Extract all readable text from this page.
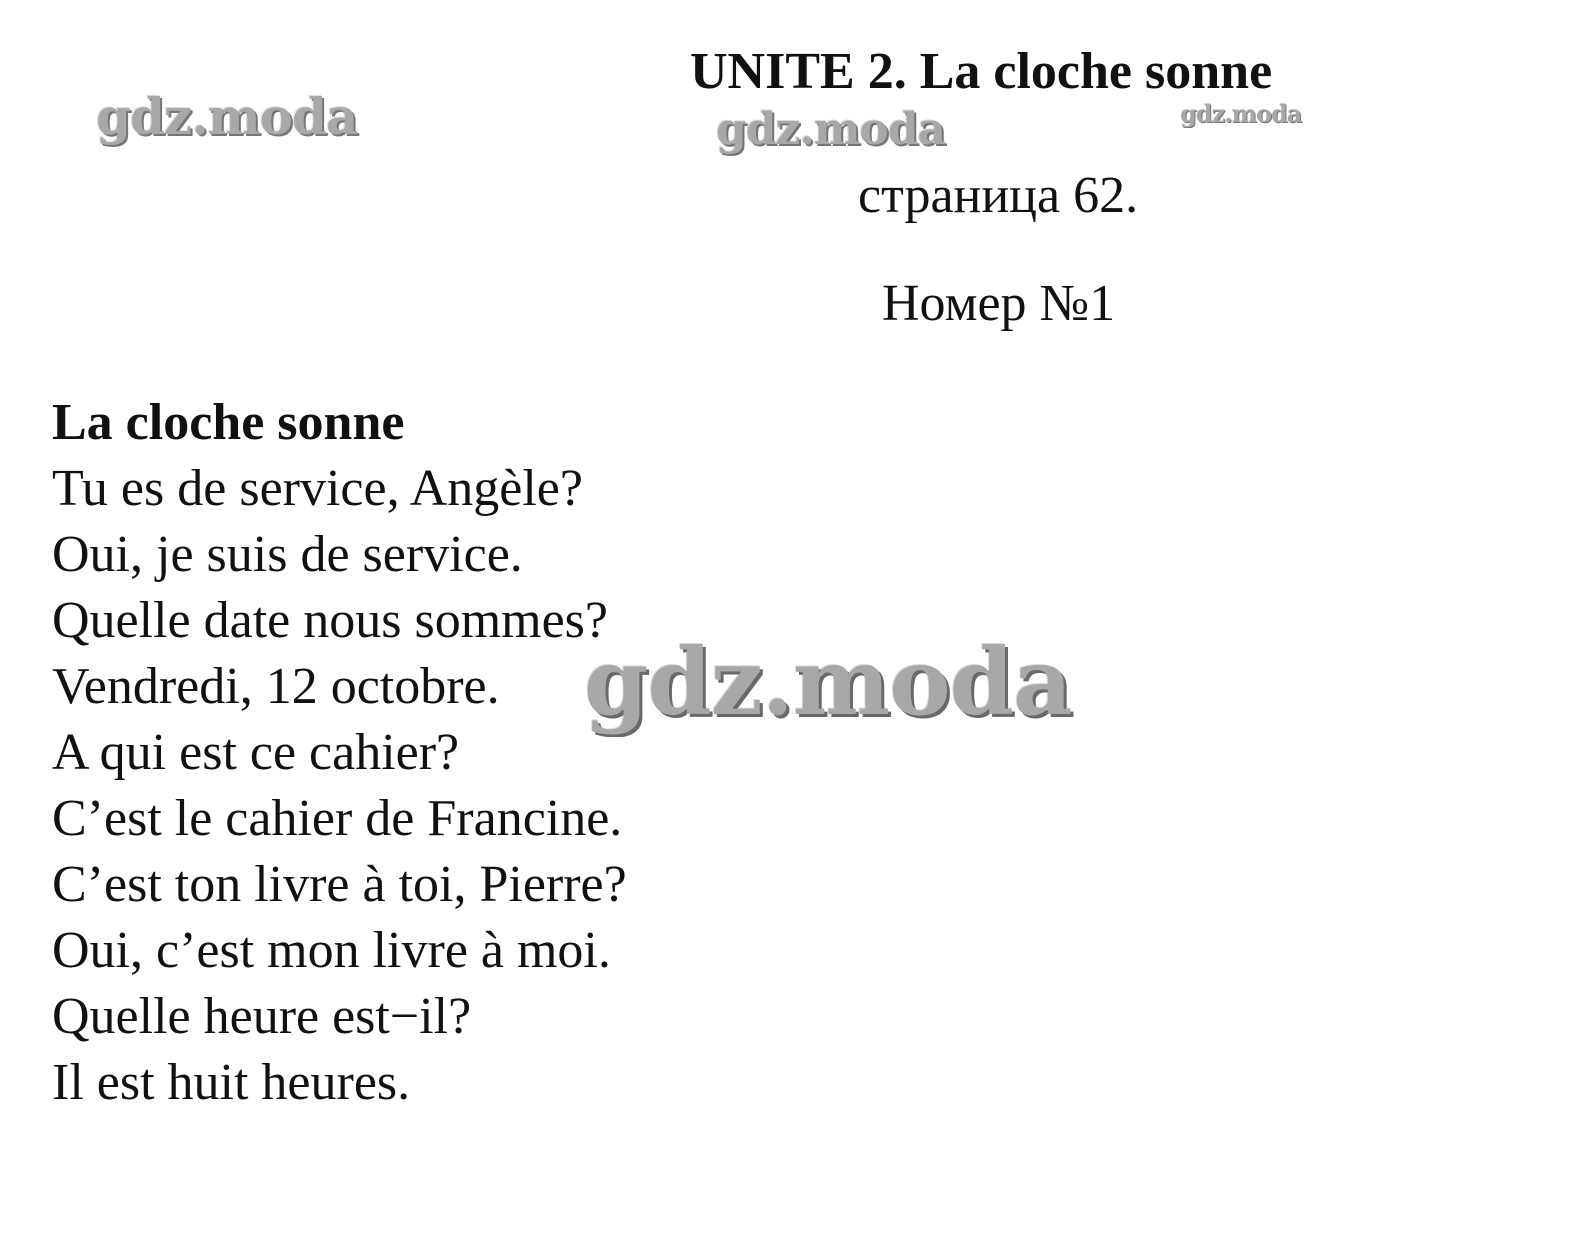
UNITE 2. La cloche sonne
страница 62.
Номер №1
La cloche sonne
Tu es de service, Angèle?
Oui, je suis de service.
Quelle date nous sommes?
Vendredi, 12 octobre.
A qui est ce cahier?
C’est le cahier de Francine.
C’est ton livre à toi, Pierre?
Oui, c’est mon livre à moi.
Quelle heure est−il?
Il est huit heures.
gdz.moda	gdz.moda	gdz.moda
gdz.moda
